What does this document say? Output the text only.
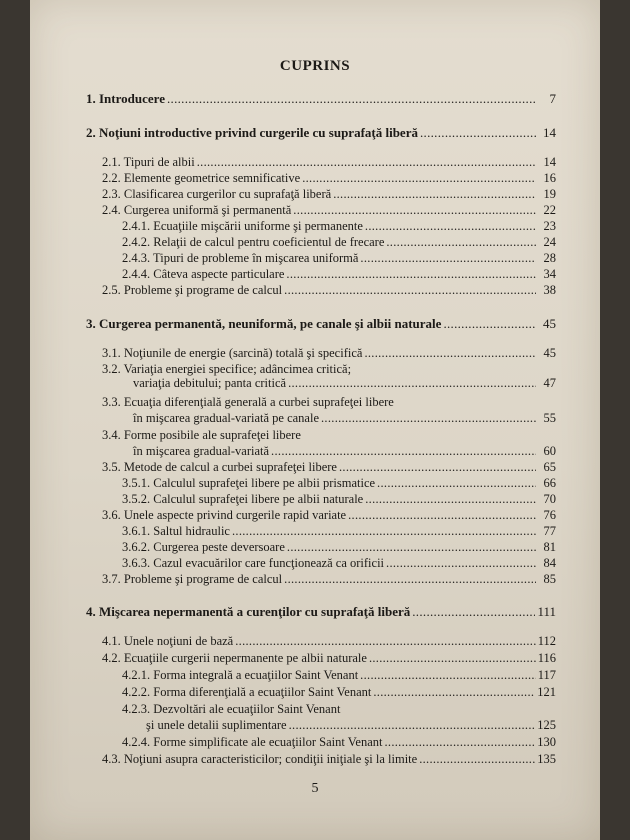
CUPRINS
1. Introducere .....	7
2. Noţiuni introductive privind curgerile cu suprafaţă liberă .....	14
2.1. Tipuri de albii .....	14
2.2. Elemente geometrice semnificative .....	16
2.3. Clasificarea curgerilor cu suprafaţă liberă .....	19
2.4. Curgerea uniformă şi permanentă .....	22
2.4.1. Ecuaţiile mişcării uniforme şi permanente .....	23
2.4.2. Relaţii de calcul pentru coeficientul de frecare .....	24
2.4.3. Tipuri de probleme în mişcarea uniformă .....	28
2.4.4. Câteva aspecte particulare .....	34
2.5. Probleme şi programe de calcul .....	38
3. Curgerea permanentă, neuniformă, pe canale şi albii naturale .....	45
3.1. Noţiunile de energie (sarcină) totală şi specifică .....	45
3.2. Variaţia energiei specifice; adâncimea critică;
variaţia debitului; panta critică .....	47
3.3. Ecuaţia diferenţială generală a curbei suprafeţei libere
în mişcarea gradual-variată pe canale .....	55
3.4. Forme posibile ale suprafeţei libere
în mişcarea gradual-variată .....	60
3.5. Metode de calcul a curbei suprafeţei libere .....	65
3.5.1. Calculul suprafeţei libere pe albii prismatice .....	66
3.5.2. Calculul suprafeţei libere pe albii naturale .....	70
3.6. Unele aspecte privind curgerile rapid variate .....	76
3.6.1. Saltul hidraulic .....	77
3.6.2. Curgerea peste deversoare .....	81
3.6.3. Cazul evacuărilor care funcţionează ca orificii .....	84
3.7. Probleme şi programe de calcul .....	85
4. Mişcarea nepermanentă a curenţilor cu suprafaţă liberă .....	111
4.1. Unele noţiuni de bază .....	112
4.2. Ecuaţiile curgerii nepermanente pe albii naturale .....	116
4.2.1. Forma integrală a ecuaţiilor Saint Venant .....	117
4.2.2. Forma diferenţială a ecuaţiilor Saint Venant .....	121
4.2.3. Dezvoltări ale ecuaţiilor Saint Venant
şi unele detalii suplimentare .....	125
4.2.4. Forme simplificate ale ecuaţiilor Saint Venant .....	130
4.3. Noţiuni asupra caracteristicilor; condiţii iniţiale şi la limite .....	135
5
